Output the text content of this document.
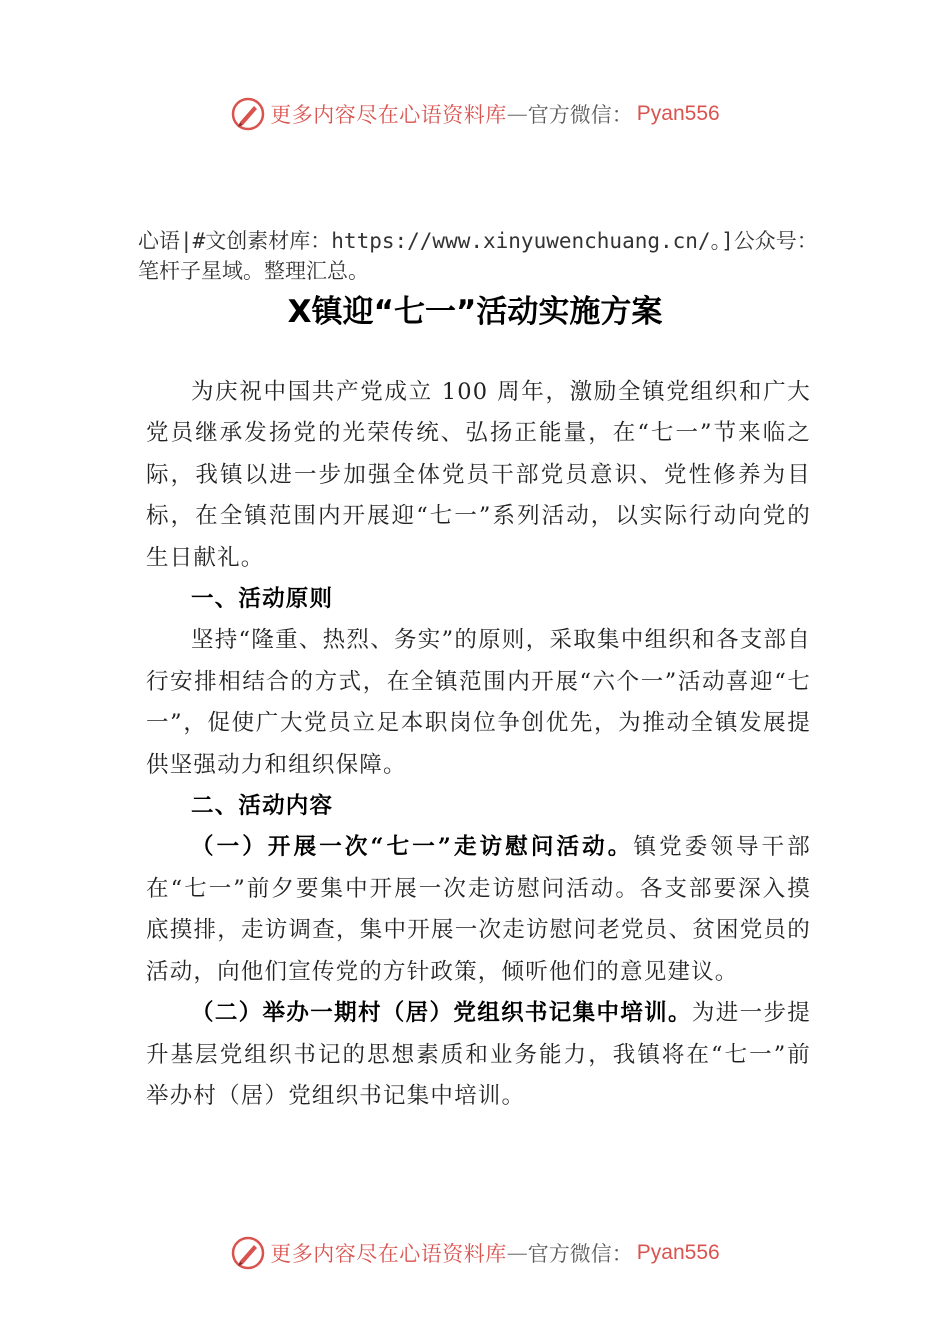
更多内容尽在心语资料库 — 官方微信： Pyan556
心语|#文创素材库：https://www.xinyuwenchuang.cn/。]公众号：笔杆子星域。整理汇总。
X镇迎“七一”活动实施方案

为庆祝中国共产党成立 100 周年，激励全镇党组织和广大党员继承发扬党的光荣传统、弘扬正能量，在“七一”节来临之际，我镇以进一步加强全体党员干部党员意识、党性修养为目标，在全镇范围内开展迎“七一”系列活动，以实际行动向党的生日献礼。

一、活动原则

坚持“隆重、热烈、务实”的原则，采取集中组织和各支部自行安排相结合的方式，在全镇范围内开展“六个一”活动喜迎“七一”，促使广大党员立足本职岗位争创优先，为推动全镇发展提供坚强动力和组织保障。

二、活动内容

（一）开展一次“七一”走访慰问活动。镇党委领导干部在“七一”前夕要集中开展一次走访慰问活动。各支部要深入摸底摸排，走访调查，集中开展一次走访慰问老党员、贫困党员的活动，向他们宣传党的方针政策，倾听他们的意见建议。

（二）举办一期村（居）党组织书记集中培训。为进一步提升基层党组织书记的思想素质和业务能力，我镇将在“七一”前举办村（居）党组织书记集中培训。

更多内容尽在心语资料库 — 官方微信： Pyan556
